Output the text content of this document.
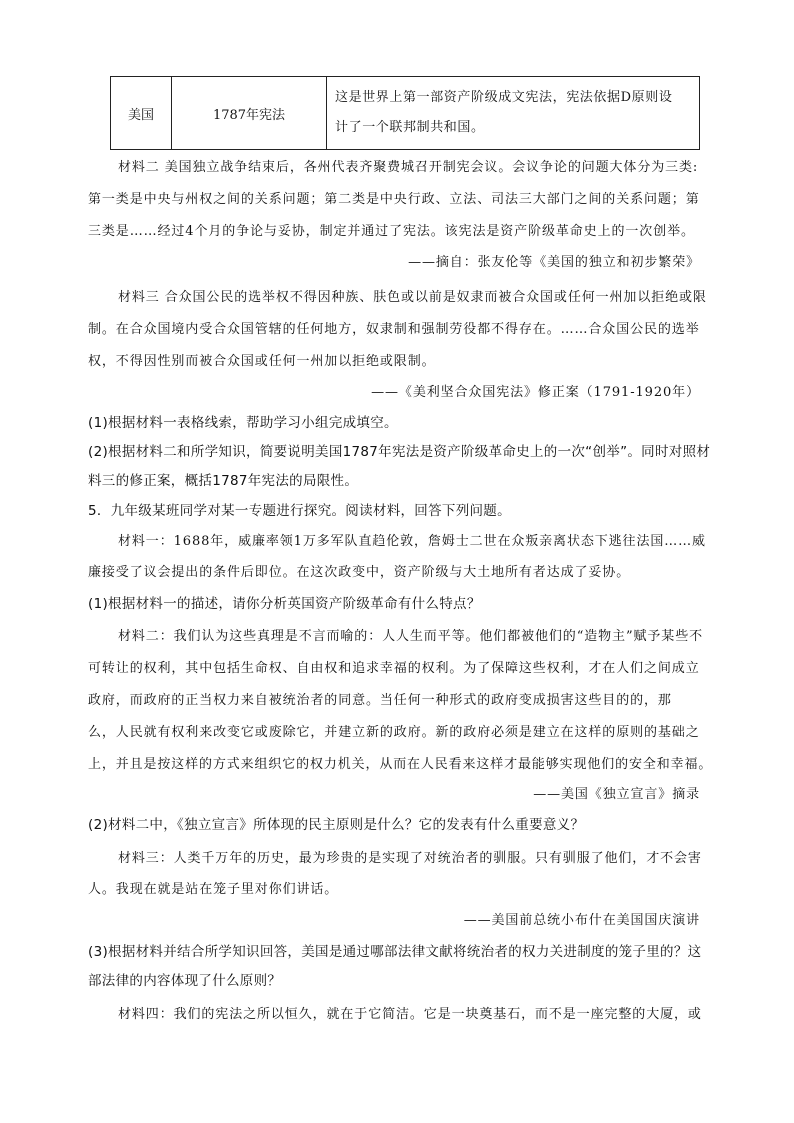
美国	1787年宪法	
这是世界上第一部资产阶级成文宪法，宪法依据D原则设
计了一个联邦制共和国。
材料二 美国独立战争结束后，各州代表齐聚费城召开制宪会议。会议争论的问题大体分为三类:
第一类是中央与州权之间的关系问题；第二类是中央行政、立法、司法三大部门之间的关系问题；第
三类是……经过4个月的争论与妥协，制定并通过了宪法。该宪法是资产阶级革命史上的一次创举。
——摘自：张友伦等《美国的独立和初步繁荣》
材料三 合众国公民的选举权不得因种族、肤色或以前是奴隶而被合众国或任何一州加以拒绝或限
制。在合众国境内受合众国管辖的任何地方，奴隶制和强制劳役都不得存在。……合众国公民的选举
权，不得因性别而被合众国或任何一州加以拒绝或限制。
——《美利坚合众国宪法》修正案（1791-1920年）
(1)根据材料一表格线索，帮助学习小组完成填空。
(2)根据材料二和所学知识，简要说明美国1787年宪法是资产阶级革命史上的一次“创举”。同时对照材
料三的修正案，概括1787年宪法的局限性。
5．九年级某班同学对某一专题进行探究。阅读材料，回答下列问题。
材料一：1688年，威廉率领1万多军队直趋伦敦，詹姆士二世在众叛亲离状态下逃往法国……威
廉接受了议会提出的条件后即位。在这次政变中，资产阶级与大土地所有者达成了妥协。
(1)根据材料一的描述，请你分析英国资产阶级革命有什么特点？
材料二：我们认为这些真理是不言而喻的：人人生而平等。他们都被他们的“造物主”赋予某些不
可转让的权利，其中包括生命权、自由权和追求幸福的权利。为了保障这些权利，才在人们之间成立
政府，而政府的正当权力来自被统治者的同意。当任何一种形式的政府变成损害这些目的的，那
么，人民就有权利来改变它或废除它，并建立新的政府。新的政府必须是建立在这样的原则的基础之
上，并且是按这样的方式来组织它的权力机关，从而在人民看来这样才最能够实现他们的安全和幸福。
——美国《独立宣言》摘录
(2)材料二中，《独立宣言》所体现的民主原则是什么？它的发表有什么重要意义？
材料三：人类千万年的历史，最为珍贵的是实现了对统治者的驯服。只有驯服了他们，才不会害
人。我现在就是站在笼子里对你们讲话。
——美国前总统小布什在美国国庆演讲
(3)根据材料并结合所学知识回答，美国是通过哪部法律文献将统治者的权力关进制度的笼子里的？这
部法律的内容体现了什么原则？
材料四：我们的宪法之所以恒久，就在于它简洁。它是一块奠基石，而不是一座完整的大厦，或
